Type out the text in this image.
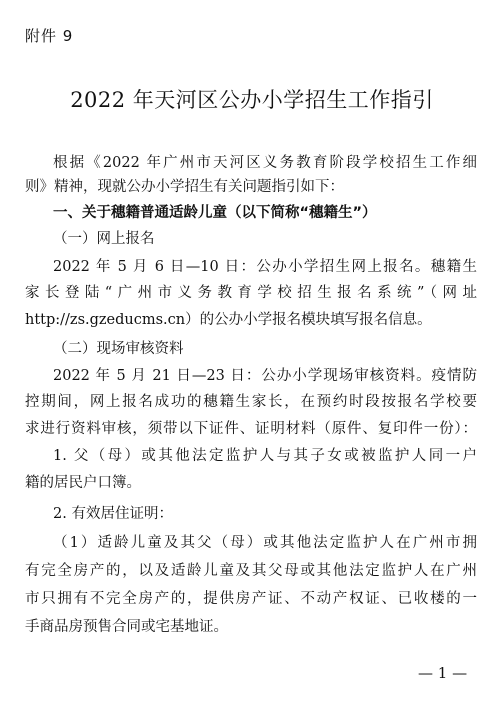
附件 9
2022 年天河区公办小学招生工作指引
根据《2022 年广州市天河区义务教育阶段学校招生工作细
则》精神，现就公办小学招生有关问题指引如下：
一、关于穗籍普通适龄儿童（以下简称“穗籍生”）
（一）网上报名
2022 年 5 月 6 日—10 日：公办小学招生网上报名。穗籍生
家长登陆“广州市义务教育学校招生报名系统”（网址
http://zs.gzeducms.cn）的公办小学报名模块填写报名信息。
（二）现场审核资料
2022 年 5 月 21 日—23 日：公办小学现场审核资料。疫情防
控期间，网上报名成功的穗籍生家长，在预约时段按报名学校要
求进行资料审核，须带以下证件、证明材料（原件、复印件一份）：
1. 父（母）或其他法定监护人与其子女或被监护人同一户
籍的居民户口簿。
2. 有效居住证明：
（1）适龄儿童及其父（母）或其他法定监护人在广州市拥
有完全房产的，以及适龄儿童及其父母或其他法定监护人在广州
市只拥有不完全房产的，提供房产证、不动产权证、已收楼的一
手商品房预售合同或宅基地证。
— 1 —
